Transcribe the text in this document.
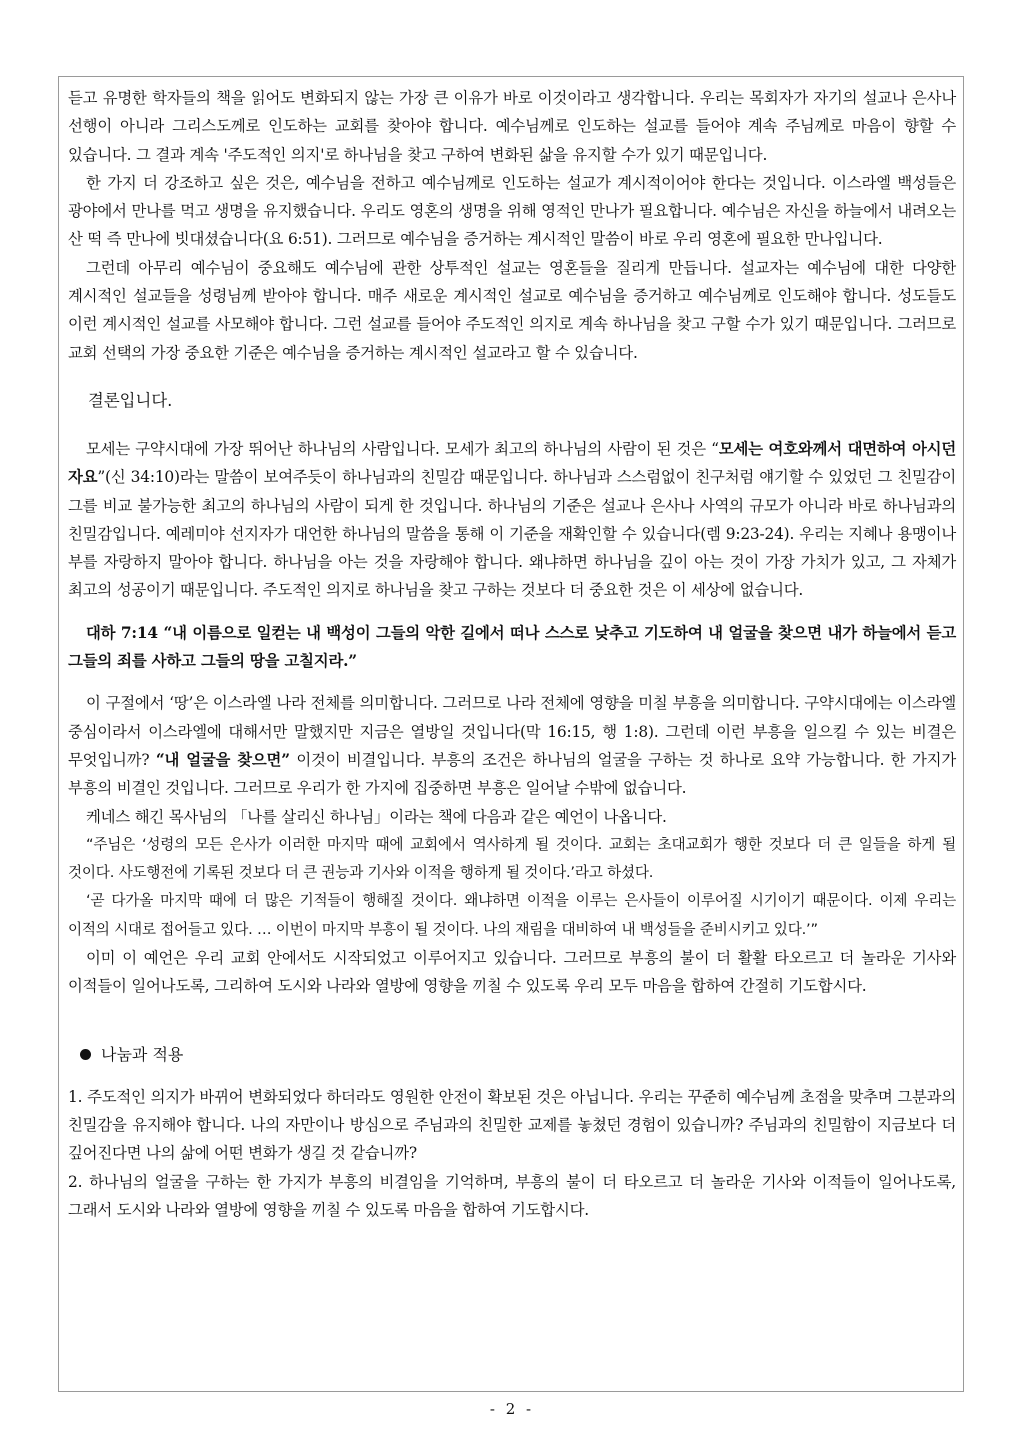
듣고 유명한 학자들의 책을 읽어도 변화되지 않는 가장 큰 이유가 바로 이것이라고 생각합니다. 우리는 목회자가 자기의 설교나 은사나 선행이 아니라 그리스도께로 인도하는 교회를 찾아야 합니다. 예수님께로 인도하는 설교를 들어야 계속 주님께로 마음이 향할 수 있습니다. 그 결과 계속 '주도적인 의지'로 하나님을 찾고 구하여 변화된 삶을 유지할 수가 있기 때문입니다.

한 가지 더 강조하고 싶은 것은, 예수님을 전하고 예수님께로 인도하는 설교가 계시적이어야 한다는 것입니다. 이스라엘 백성들은 광야에서 만나를 먹고 생명을 유지했습니다. 우리도 영혼의 생명을 위해 영적인 만나가 필요합니다. 예수님은 자신을 하늘에서 내려오는 산 떡 즉 만나에 빗대셨습니다(요 6:51). 그러므로 예수님을 증거하는 계시적인 말씀이 바로 우리 영혼에 필요한 만나입니다.

그런데 아무리 예수님이 중요해도 예수님에 관한 상투적인 설교는 영혼들을 질리게 만듭니다. 설교자는 예수님에 대한 다양한 계시적인 설교들을 성령님께 받아야 합니다. 매주 새로운 계시적인 설교로 예수님을 증거하고 예수님께로 인도해야 합니다. 성도들도 이런 계시적인 설교를 사모해야 합니다. 그런 설교를 들어야 주도적인 의지로 계속 하나님을 찾고 구할 수가 있기 때문입니다. 그러므로 교회 선택의 가장 중요한 기준은 예수님을 증거하는 계시적인 설교라고 할 수 있습니다.

결론입니다.

모세는 구약시대에 가장 뛰어난 하나님의 사람입니다. 모세가 최고의 하나님의 사람이 된 것은 “모세는 여호와께서 대면하여 아시던 자요”(신 34:10)라는 말씀이 보여주듯이 하나님과의 친밀감 때문입니다. 하나님과 스스럼없이 친구처럼 얘기할 수 있었던 그 친밀감이 그를 비교 불가능한 최고의 하나님의 사람이 되게 한 것입니다. 하나님의 기준은 설교나 은사나 사역의 규모가 아니라 바로 하나님과의 친밀감입니다. 예레미야 선지자가 대언한 하나님의 말씀을 통해 이 기준을 재확인할 수 있습니다(렘 9:23-24). 우리는 지혜나 용맹이나 부를 자랑하지 말아야 합니다. 하나님을 아는 것을 자랑해야 합니다. 왜냐하면 하나님을 깊이 아는 것이 가장 가치가 있고, 그 자체가 최고의 성공이기 때문입니다. 주도적인 의지로 하나님을 찾고 구하는 것보다 더 중요한 것은 이 세상에 없습니다.

대하 7:14 “내 이름으로 일컫는 내 백성이 그들의 악한 길에서 떠나 스스로 낮추고 기도하여 내 얼굴을 찾으면 내가 하늘에서 듣고 그들의 죄를 사하고 그들의 땅을 고칠지라.”

이 구절에서 ‘땅’은 이스라엘 나라 전체를 의미합니다. 그러므로 나라 전체에 영향을 미칠 부흥을 의미합니다. 구약시대에는 이스라엘 중심이라서 이스라엘에 대해서만 말했지만 지금은 열방일 것입니다(막 16:15, 행 1:8). 그런데 이런 부흥을 일으킬 수 있는 비결은 무엇입니까? “내 얼굴을 찾으면” 이것이 비결입니다. 부흥의 조건은 하나님의 얼굴을 구하는 것 하나로 요약 가능합니다. 한 가지가 부흥의 비결인 것입니다. 그러므로 우리가 한 가지에 집중하면 부흥은 일어날 수밖에 없습니다.

케네스 해긴 목사님의 「나를 살리신 하나님」이라는 책에 다음과 같은 예언이 나옵니다.

“주님은 ‘성령의 모든 은사가 이러한 마지막 때에 교회에서 역사하게 될 것이다. 교회는 초대교회가 행한 것보다 더 큰 일들을 하게 될 것이다. 사도행전에 기록된 것보다 더 큰 권능과 기사와 이적을 행하게 될 것이다.’라고 하셨다.

‘곧 다가올 마지막 때에 더 많은 기적들이 행해질 것이다. 왜냐하면 이적을 이루는 은사들이 이루어질 시기이기 때문이다. 이제 우리는 이적의 시대로 접어들고 있다. … 이번이 마지막 부흥이 될 것이다. 나의 재림을 대비하여 내 백성들을 준비시키고 있다.’”

이미 이 예언은 우리 교회 안에서도 시작되었고 이루어지고 있습니다. 그러므로 부흥의 불이 더 활활 타오르고 더 놀라운 기사와 이적들이 일어나도록, 그리하여 도시와 나라와 열방에 영향을 끼칠 수 있도록 우리 모두 마음을 합하여 간절히 기도합시다.

나눔과 적용

1. 주도적인 의지가 바뀌어 변화되었다 하더라도 영원한 안전이 확보된 것은 아닙니다. 우리는 꾸준히 예수님께 초점을 맞추며 그분과의 친밀감을 유지해야 합니다. 나의 자만이나 방심으로 주님과의 친밀한 교제를 놓쳤던 경험이 있습니까? 주님과의 친밀함이 지금보다 더 깊어진다면 나의 삶에 어떤 변화가 생길 것 같습니까?

2. 하나님의 얼굴을 구하는 한 가지가 부흥의 비결임을 기억하며, 부흥의 불이 더 타오르고 더 놀라운 기사와 이적들이 일어나도록, 그래서 도시와 나라와 열방에 영향을 끼칠 수 있도록 마음을 합하여 기도합시다.

- 2 -
